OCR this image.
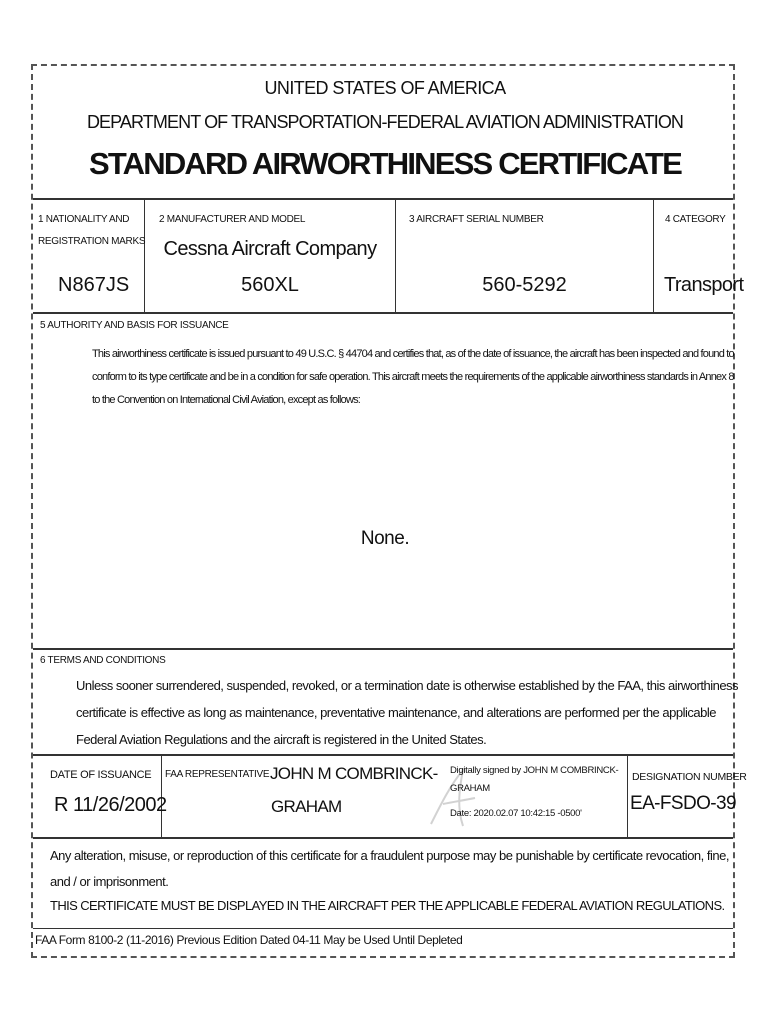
UNITED STATES OF AMERICA
DEPARTMENT OF TRANSPORTATION-FEDERAL AVIATION ADMINISTRATION
STANDARD AIRWORTHINESS CERTIFICATE
1 NATIONALITY AND
REGISTRATION MARKS
N867JS
2 MANUFACTURER AND MODEL
Cessna Aircraft Company
560XL
3 AIRCRAFT SERIAL NUMBER
560-5292
4 CATEGORY
Transport
5 AUTHORITY AND BASIS FOR ISSUANCE
This airworthiness certificate is issued pursuant to 49 U.S.C. § 44704 and certifies that, as of the date of issuance, the aircraft has been inspected and found to
conform to its type certificate and be in a condition for safe operation. This aircraft meets the requirements of the applicable airworthiness standards in Annex 8
to the Convention on International Civil Aviation, except as follows:
None.
6 TERMS AND CONDITIONS
Unless sooner surrendered, suspended, revoked, or a termination date is otherwise established by the FAA, this airworthiness
certificate is effective as long as maintenance, preventative maintenance, and alterations are performed per the applicable
Federal Aviation Regulations and the aircraft is registered in the United States.
DATE OF ISSUANCE
R 11/26/2002
FAA REPRESENTATIVE JOHN M COMBRINCK-
GRAHAM
Digitally signed by JOHN M COMBRINCK-
GRAHAM
Date: 2020.02.07 10:42:15 -0500'
DESIGNATION NUMBER
EA-FSDO-39
Any alteration, misuse, or reproduction of this certificate for a fraudulent purpose may be punishable by certificate revocation, fine,
and / or imprisonment.
THIS CERTIFICATE MUST BE DISPLAYED IN THE AIRCRAFT PER THE APPLICABLE FEDERAL AVIATION REGULATIONS.
FAA Form 8100-2 (11-2016) Previous Edition Dated 04-11 May be Used Until Depleted
